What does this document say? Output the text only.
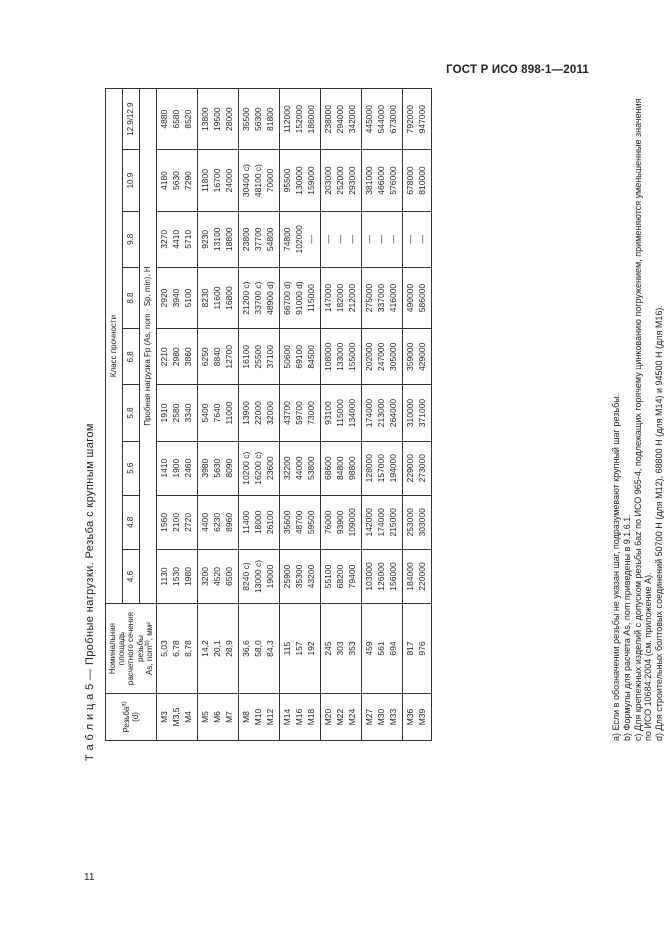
ГОСТ Р ИСО 898-1—2011
Т а б л и ц а 5 — Пробные нагрузки. Резьба с крупным шагом	Резьба$^{a)}$
(d)	Номинальная площадь
расчетного сечения резьбы
As, nom$^{b)}$, мм²	Класс прочности								
		4.6	4.8	5.6	5.8	6.8	8.8	9.8	10.9	12.9/12.9
		Пробная нагрузка Fp (As, nom · Sp, min), Н								
M3	5,03	1130	1560	1410	1910	2210	2920	3270	4180	4880
M3,5	6,78	1530	2100	1900	2580	2980	3940	4410	5630	6580
M4	8,78	1980	2720	2460	3340	3860	5100	5710	7290	8520
M5	14,2	3200	4400	3980	5400	6250	8230	9230	11800	13800
M6	20,1	4520	6230	5630	7640	8840	11600	13100	16700	19500
M7	28,9	6500	8960	8090	11000	12700	16800	18800	24000	28000
M8	36,6	8240 c)	11400	10200 c)	13900	16100	21200 c)	23800	30400 c)	35500
M10	58,0	13000 c)	18000	16200 c)	22000	25500	33700 c)	37700	48100 c)	56300
M12	84,3	19000	26100	23600	32000	37100	48900 d)	54800	70000	81800
M14	115	25900	35600	32200	43700	50600	66700 d)	74800	95500	112000
M16	157	35300	48700	44000	59700	69100	91000 d)	102000	130000	152000
M18	192	43200	59500	53800	73000	84500	115000	—	159000	186000
M20	245	55100	76000	68600	93100	108000	147000	—	203000	238000
M22	303	68200	93900	84800	115000	133000	182000	—	252000	294000
M24	353	79400	109000	98800	134000	155000	212000	—	293000	342000
M27	459	103000	142000	128000	174000	202000	275000	—	381000	445000
M30	561	126000	174000	157000	213000	247000	337000	—	466000	544000
M33	694	156000	215000	194000	264000	305000	416000	—	576000	673000
M36	817	184000	253000	229000	310000	359000	490000	—	678000	792000
M39	976	220000	303000	273000	371000	429000	586000	—	810000	947000
a) Если в обозначении резьбы не указан шаг, подразумевают крупный шаг резьбы. b) Формулы для расчета As, nom приведены в 9.1.6.1. c) Для крепежных изделий с допуском резьбы 6az по ИСО 965-4, подлежащих горячему цинкованию погружением, применяются уменьшенные значения по ИСО 10684:2004 (см. приложение А). d) Для строительных болтовых соединений 50700 Н (для М12), 68800 Н (для М14) и 94500 Н (для М16).
11
